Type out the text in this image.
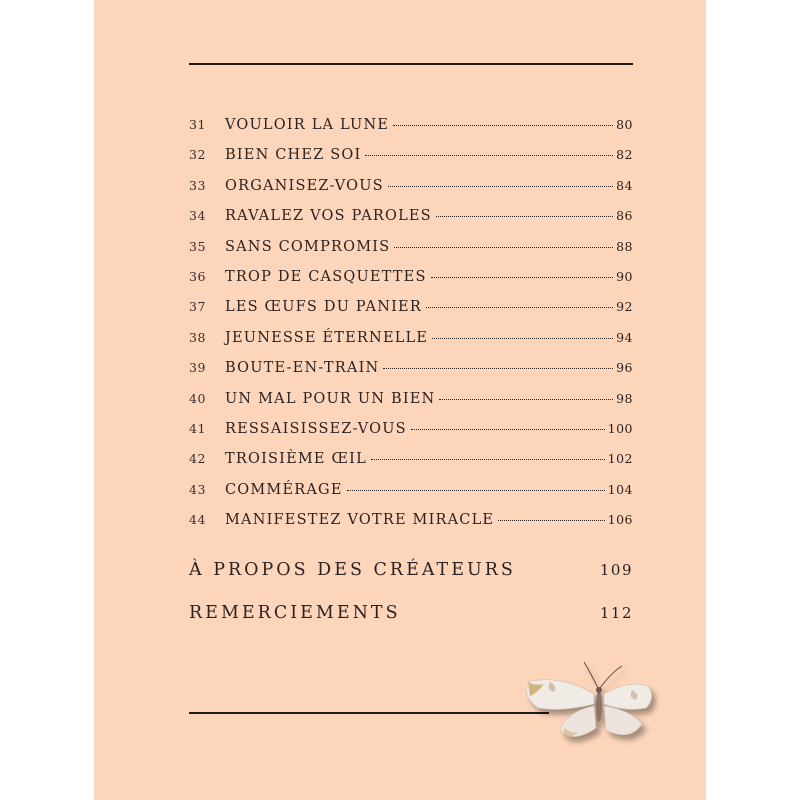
31	VOULOIR LA LUNE	80
32	BIEN CHEZ SOI	82
33	ORGANISEZ-VOUS	84
34	RAVALEZ VOS PAROLES	86
35	SANS COMPROMIS	88
36	TROP DE CASQUETTES	90
37	LES ŒUFS DU PANIER	92
38	JEUNESSE ÉTERNELLE	94
39	BOUTE-EN-TRAIN	96
40	UN MAL POUR UN BIEN	98
41	RESSAISISSEZ-VOUS	100
42	TROISIÈME ŒIL	102
43	COMMÉRAGE	104
44	MANIFESTEZ VOTRE MIRACLE	106
À PROPOS DES CRÉATEURS	109
REMERCIEMENTS	112
